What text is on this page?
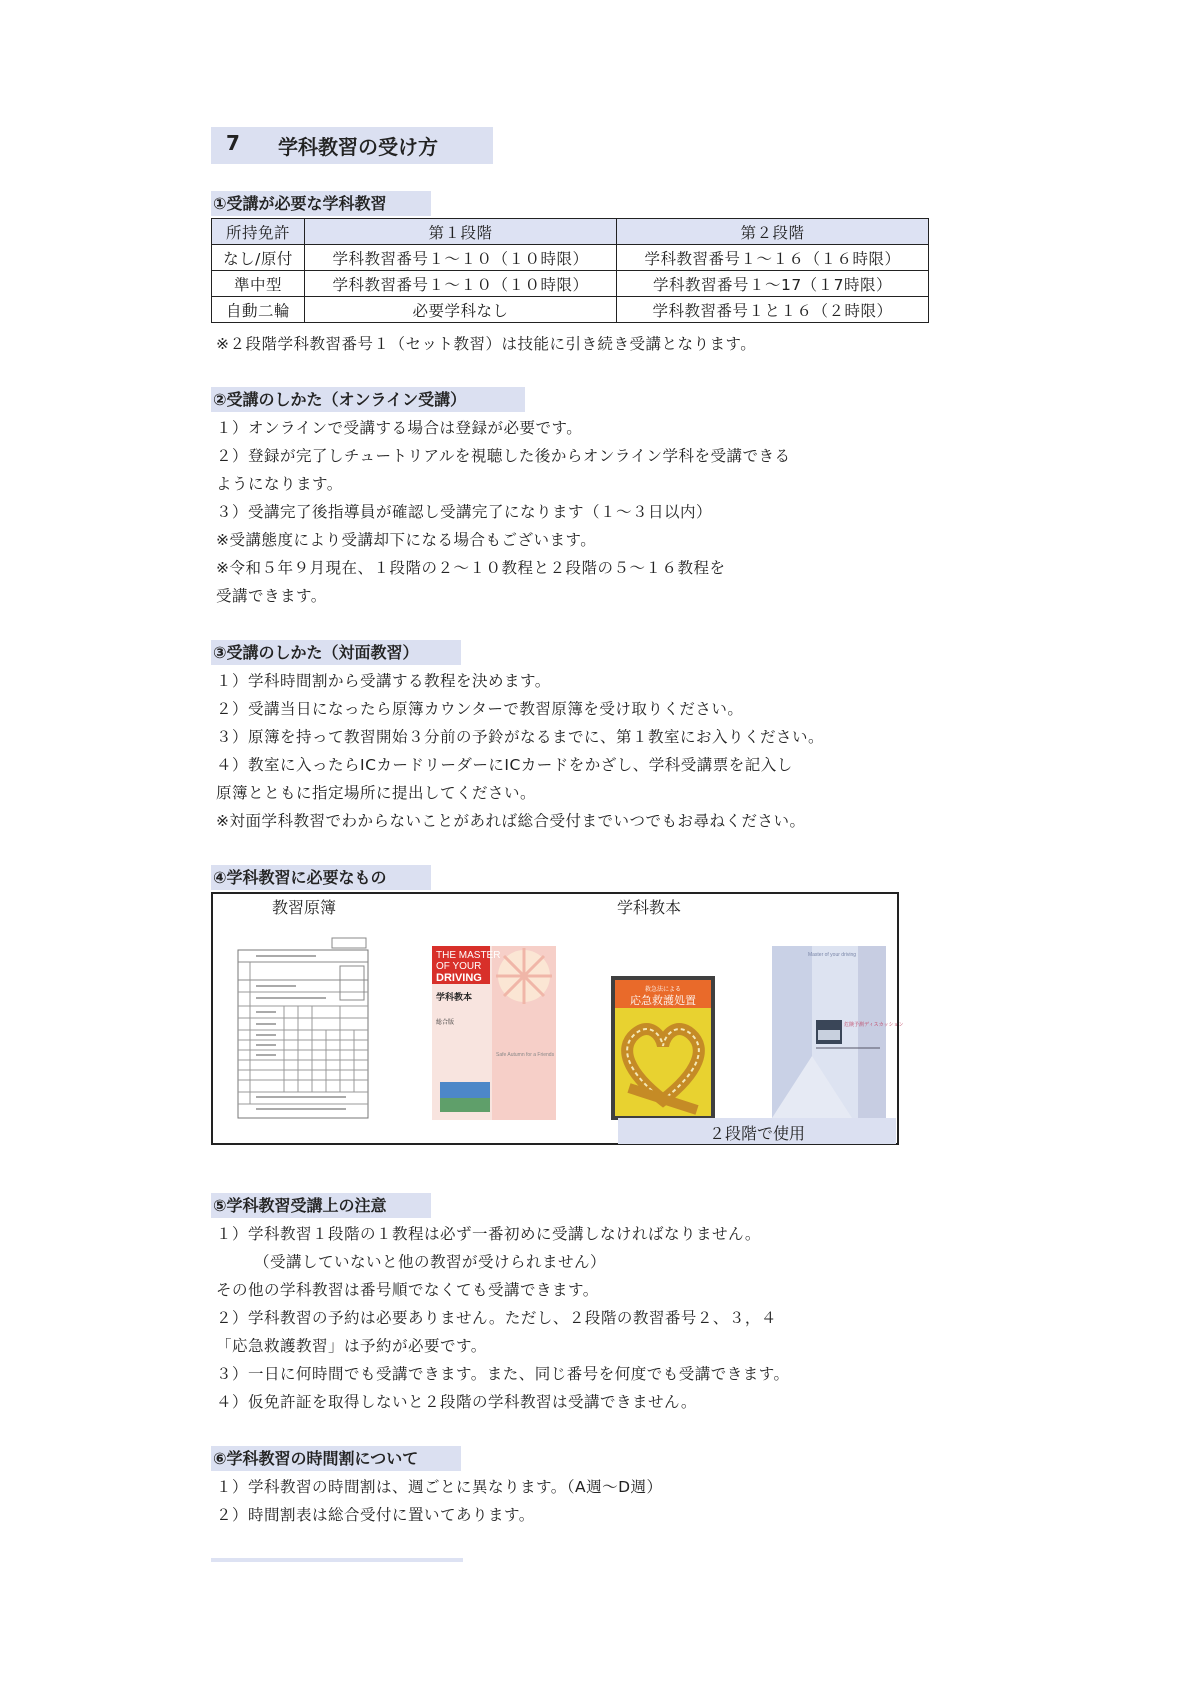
7 学科教習の受け方
①受講が必要な学科教習
所持免許	第１段階	第２段階
なし/原付	学科教習番号１～１０（１０時限）	学科教習番号１～１６（１６時限）
準中型	学科教習番号１～１０（１０時限）	学科教習番号１～17（１7時限）
自動二輪	必要学科なし	学科教習番号１と１６（２時限）
※２段階学科教習番号１（セット教習）は技能に引き続き受講となります。
②受講のしかた（オンライン受講）
１）オンラインで受講する場合は登録が必要です。
２）登録が完了しチュートリアルを視聴した後からオンライン学科を受講できる
ようになります。
３）受講完了後指導員が確認し受講完了になります（１～３日以内）
※受講態度により受講却下になる場合もございます。
※令和５年９月現在、１段階の２～１０教程と２段階の５～１６教程を
受講できます。
③受講のしかた（対面教習）
１）学科時間割から受講する教程を決めます。
２）受講当日になったら原簿カウンターで教習原簿を受け取りください。
３）原簿を持って教習開始３分前の予鈴がなるまでに、第１教室にお入りください。
４）教室に入ったらICカードリーダーにICカードをかざし、学科受講票を記入し
原簿とともに指定場所に提出してください。
※対面学科教習でわからないことがあれば総合受付までいつでもお尋ねください。
④学科教習に必要なもの
教習原簿	学科教本
THE MASTER
OF YOUR
DRIVING
学科教本
総合版
Safe Autumn for a Friends
救急法による
応急救護処置
Master of your driving
危険予測ディスカッション
２段階で使用
⑤学科教習受講上の注意
１）学科教習１段階の１教程は必ず一番初めに受講しなければなりません。
（受講していないと他の教習が受けられません）
その他の学科教習は番号順でなくても受講できます。
２）学科教習の予約は必要ありません。ただし、２段階の教習番号２、３，４
「応急救護教習」は予約が必要です。
３）一日に何時間でも受講できます。また、同じ番号を何度でも受講できます。
４）仮免許証を取得しないと２段階の学科教習は受講できません。
⑥学科教習の時間割について
１）学科教習の時間割は、週ごとに異なります。（A週～D週）
２）時間割表は総合受付に置いてあります。
